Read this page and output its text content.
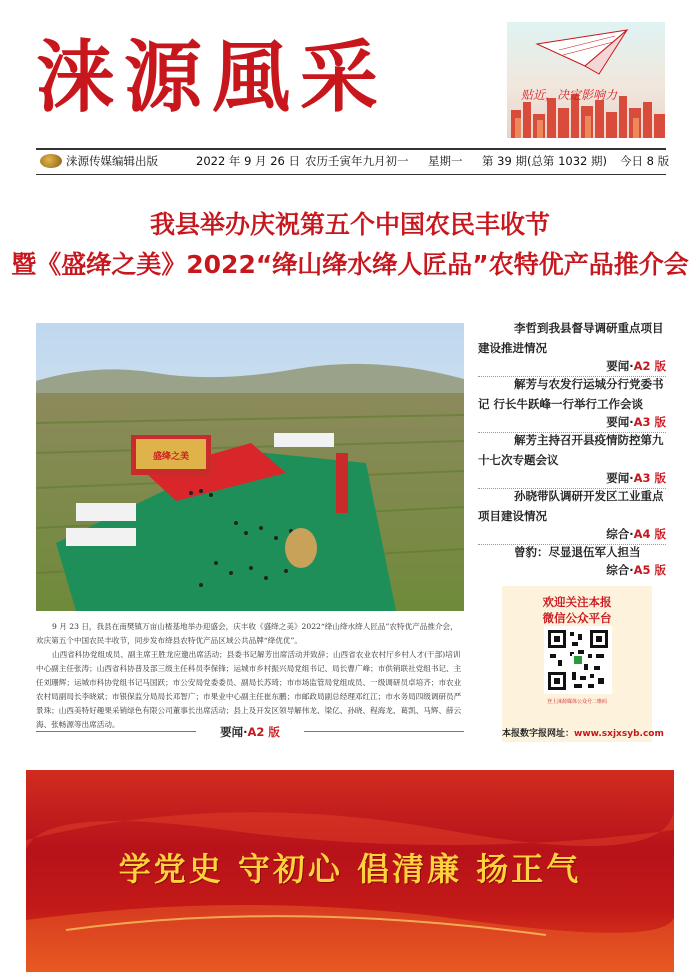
涞源風采	贴近，决定影响力
涞源传媒编辑出版	2022 年 9 月 26 日 农历壬寅年九月初一 星期一 第 39 期(总第 1032 期) 今日 8 版
我县举办庆祝第五个中国农民丰收节
暨《盛绛之美》2022“绛山绛水绛人匠品”农特优产品推介会
盛绛之美

9 月 23 日，我县在南樊镇万亩山楂基地举办迎盛会，庆丰收《盛绛之美》2022“绛山绛水绛人匠品”农特优产品推介会，欢庆第五个中国农民丰收节，同步发布绛县农特优产品区域公共品牌“绛优优”。

山西省科协党组成员、副主席王胜龙应邀出席活动；县委书记解芳出席活动并致辞；山西省农业农村厅乡村人才(干部)培训中心副主任张涛；山西省科协普及部三级主任科员李保锋；运城市乡村振兴局党组书记、局长曹广峰；市供销联社党组书记、主任刘珊辉；运城市科协党组书记马国跃；市公安局党委委员、副局长苏琦；市市场监管局党组成员、一级调研员卓培齐；市农业农村局副局长李晓斌；市银保监分局局长邓智广；市果业中心副主任崔东鹏；市邮政局副总经理邓红江；市水务局四级调研员严景珠；山西美特好趣果采销绿色有限公司董事长出席活动；县上及开发区领导解伟龙、梁亿、孙晓、程海龙、葛凯、马辉、薛云海、张畅源等出席活动。

要闻·A2 版
李哲到我县督导调研重点项目建设推进情况
要闻·A2 版
解芳与农发行运城分行党委书记 行长牛跃峰一行举行工作会谈
要闻·A3 版
解芳主持召开县疫情防控第九十七次专题会议
要闻·A3 版
孙晓带队调研开发区工业重点项目建设情况
综合·A4 版
曾豹：尽显退伍军人担当
综合·A5 版
欢迎关注本报
微信公众平台
登上涞源媒体公众号二维码
本报数字报网址：www.sxjxsyb.com
学党史 守初心 倡清廉 扬正气
